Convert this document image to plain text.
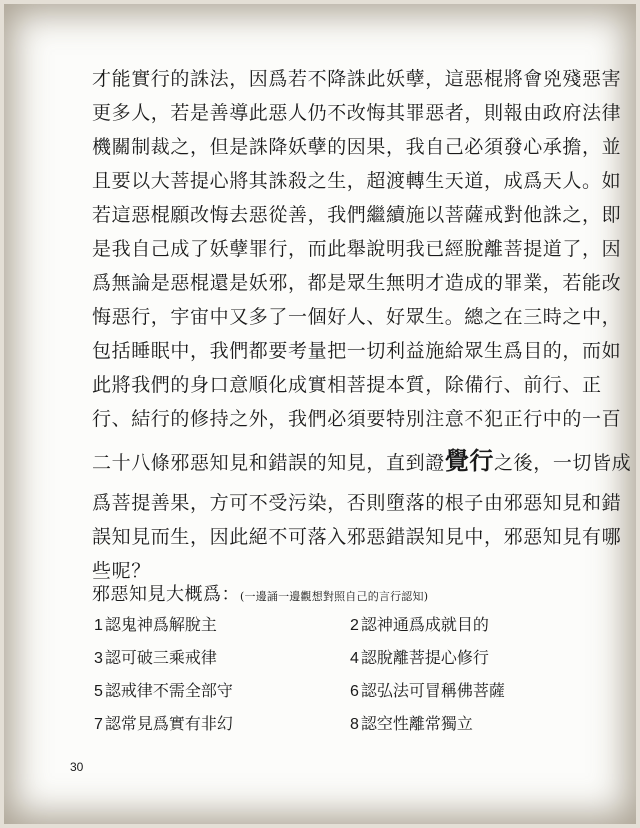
才能實行的誅法，因爲若不降誅此妖孽，這惡棍將會兇殘惡害
更多人，若是善導此惡人仍不改悔其罪惡者，則報由政府法律
機關制裁之，但是誅降妖孽的因果，我自己必須發心承擔，並
且要以大菩提心將其誅殺之生，超渡轉生天道，成爲天人。如
若這惡棍願改悔去惡從善，我們繼續施以菩薩戒對他誅之，即
是我自己成了妖孽罪行，而此舉說明我已經脫離菩提道了，因
爲無論是惡棍還是妖邪，都是眾生無明才造成的罪業，若能改
悔惡行，宇宙中又多了一個好人、好眾生。總之在三時之中，
包括睡眠中，我們都要考量把一切利益施給眾生爲目的，而如
此將我們的身口意順化成實相菩提本質，除備行、前行、正
行、結行的修持之外，我們必須要特別注意不犯正行中的一百
二十八條邪惡知見和錯誤的知見，直到證覺行之後，一切皆成
爲菩提善果，方可不受污染，否則墮落的根子由邪惡知見和錯
誤知見而生，因此絕不可落入邪惡錯誤知見中，邪惡知見有哪
些呢？
邪惡知見大概爲：(一邊誦一邊觀想對照自己的言行認知)
1 認鬼神爲解脫主	2 認神通爲成就目的
3 認可破三乘戒律	4 認脫離菩提心修行
5 認戒律不需全部守	6 認弘法可冒稱佛菩薩
7 認常見爲實有非幻	8 認空性離常獨立
30
